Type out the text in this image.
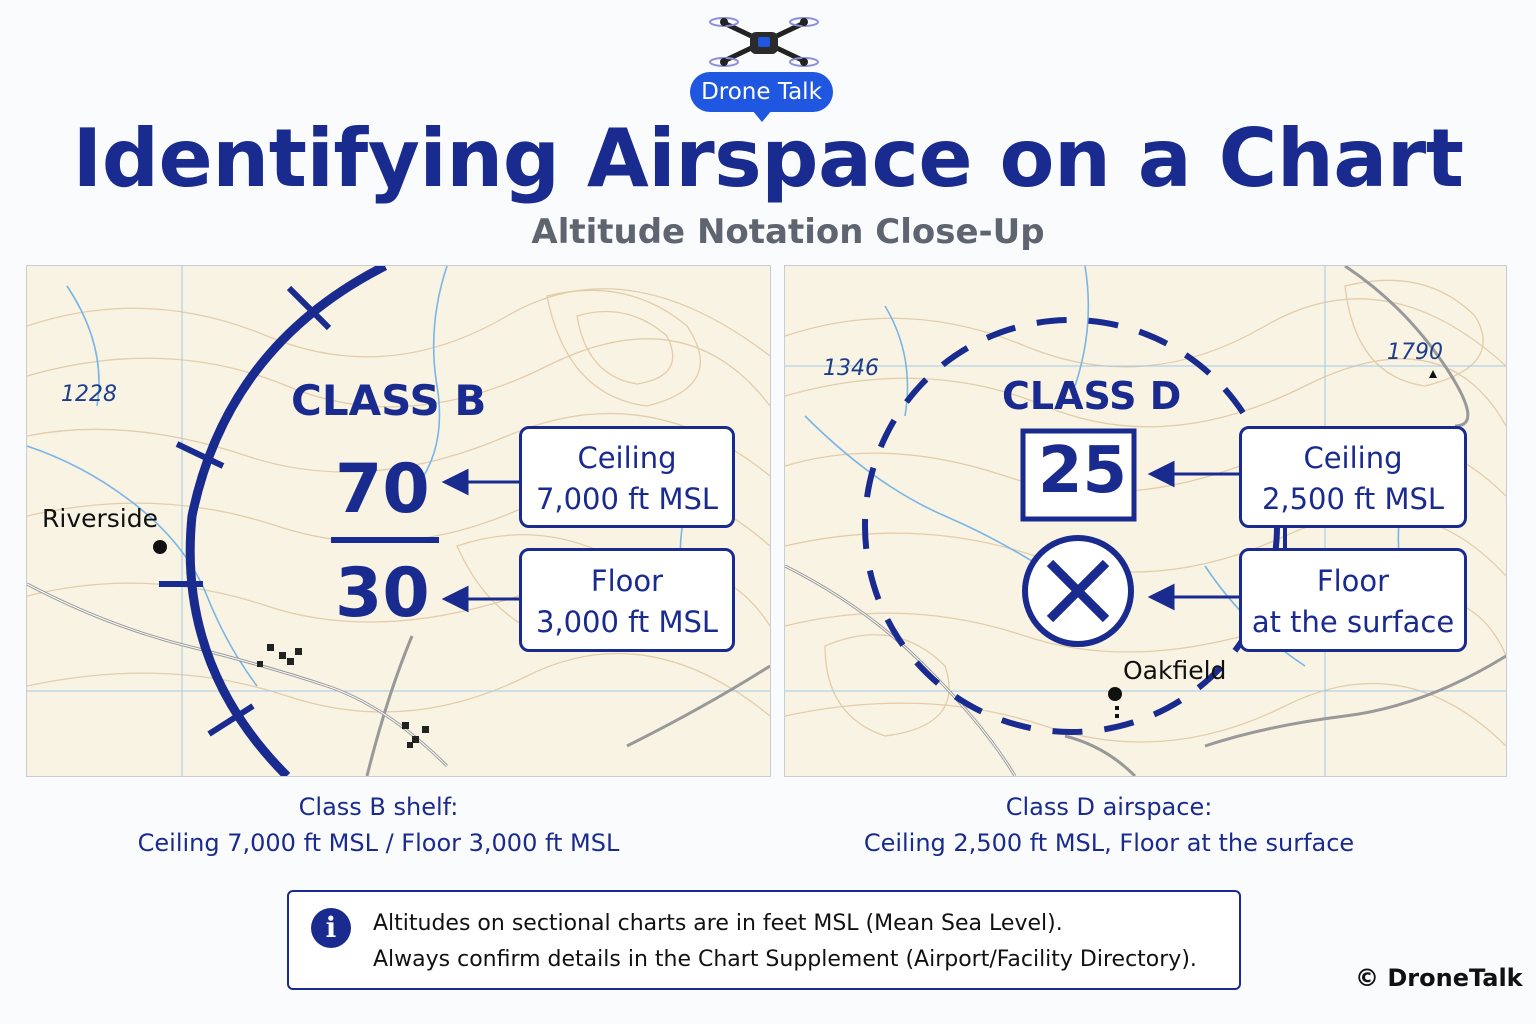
Drone Talk
Identifying Airspace on a Chart
Altitude Notation Close-Up
1228
Riverside
CLASS B
70
30
Ceiling
7,000 ft MSL
Floor
3,000 ft MSL
1346
1790
Oakfield
CLASS D
25	Ceiling
2,500 ft MSL
Floor
at the surface
Class B shelf:
Ceiling 7,000 ft MSL / Floor 3,000 ft MSL
Class D airspace:
Ceiling 2,500 ft MSL, Floor at the surface
i	Altitudes on sectional charts are in feet MSL (Mean Sea Level).
Always confirm details in the Chart Supplement (Airport/Facility Directory).
© DroneTalk
